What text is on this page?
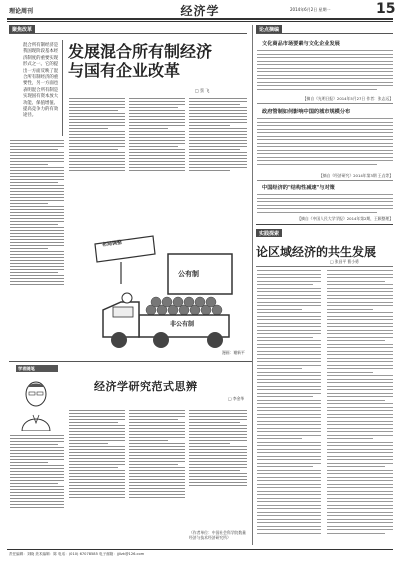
理论周刊	经济学	2014年6月2日 星期一	15
聚焦改革
混合所有制经济是我国现阶段基本经济制度的重要实现形式之一。它的提出一方面反映了混合所有制经济的重要性，另一方面也表明混合所有制是实现国有资本放大功能、保值增值、提高竞争力的有效途径。
发展混合所有制经济
与国有企业改革
□ 蔡 飞
论点摘编
文化商品市场要素与文化企业发展
【摘自《光明日报》2014年5月27日 作者：张志远】
政府管制如何影响中国的城市规模分布
【摘自《经济研究》2014年第3期 王垚等】
中国经济的"结构性减速"与对策
【摘自《中国人民大学学报》2014年第2期，王颖整理】
布局调整
公有制
非公有制
漫画：谢新平
实践探索
论区域经济的共生发展
□ 张昌平 曹小勇
学者随笔
经济学研究范式思辨
□ 李金华
（作者单位：中国社会科学院数量经济与技术经济研究所）
责任编辑：刘晓 美术编辑：陈 电话：(010) 67078585 电子邮箱：jjllzk@126.com
